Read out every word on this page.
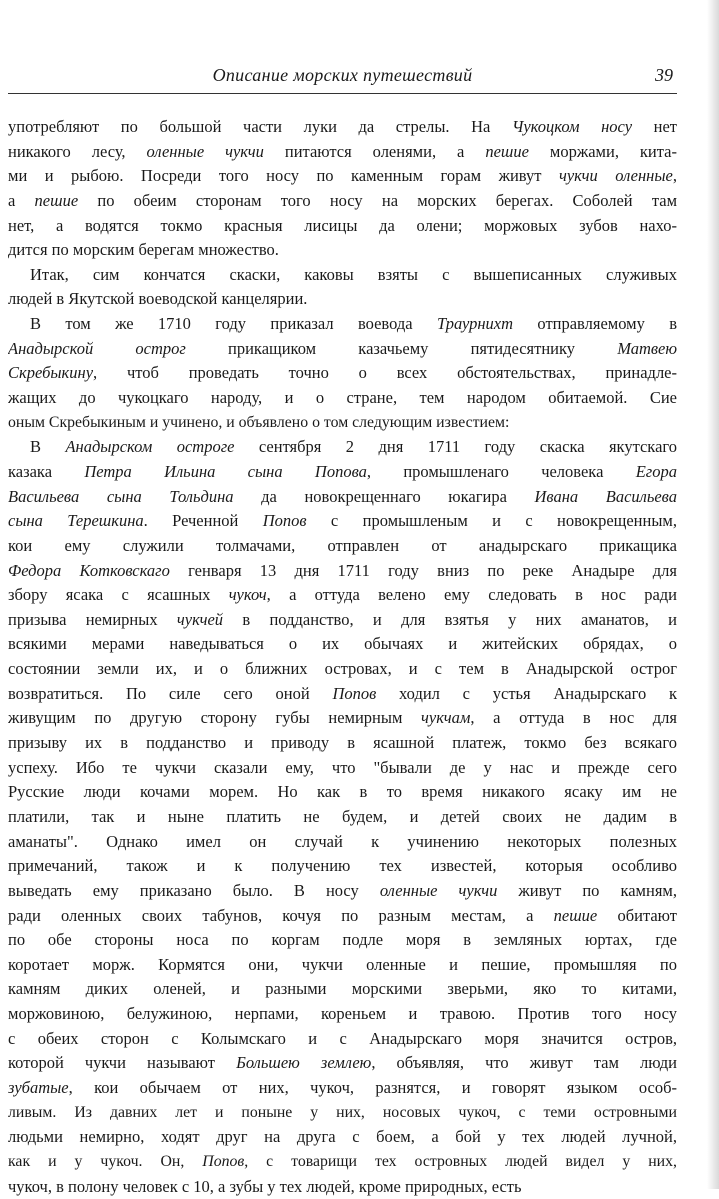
Описание морских путешествий	39
употребляют по большой части луки да стрелы. На Чукоцком носу нет
никакого лесу, оленные чукчи питаются оленями, а пешие моржами, кита-
ми и рыбою. Посреди того носу по каменным горам живут чукчи оленные,
а пешие по обеим сторонам того носу на морских берегах. Соболей там
нет, а водятся токмо красныя лисицы да олени; моржовых зубов нахо-
дится по морским берегам множество.
Итак, сим кончатся скаски, каковы взяты с вышеписанных служивых
людей в Якутской воеводской канцелярии.
В том же 1710 году приказал воевода Траурнихт отправляемому в
Анадырской острог прикащиком казачьему пятидесятнику Матвею
Скребыкину, чтоб проведать точно о всех обстоятельствах, принадле-
жащих до чукоцкаго народу, и о стране, тем народом обитаемой. Сие
оным Скребыкиным и учинено, и объявлено о том следующим известием:
В Анадырском остроге сентября 2 дня 1711 году скаска якутскаго
казака Петра Ильина сына Попова, промышленаго человека Егора
Васильева сына Тольдина да новокрещеннаго юкагира Ивана Васильева
сына Терешкина. Реченной Попов с промышленым и с новокрещенным,
кои ему служили толмачами, отправлен от анадырскаго прикащика
Федора Котковскаго генваря 13 дня 1711 году вниз по реке Анадыре для
збору ясака с ясашных чукоч, а оттуда велено ему следовать в нос ради
призыва немирных чукчей в подданство, и для взятья у них аманатов, и
всякими мерами наведываться о их обычаях и житейских обрядах, о
состоянии земли их, и о ближних островах, и с тем в Анадырской острог
возвратиться. По силе сего оной Попов ходил с устья Анадырскаго к
живущим по другую сторону губы немирным чукчам, а оттуда в нос для
призыву их в подданство и приводу в ясашной платеж, токмо без всякаго
успеху. Ибо те чукчи сказали ему, что "бывали де у нас и прежде сего
Русские люди кочами морем. Но как в то время никакого ясаку им не
платили, так и ныне платить не будем, и детей своих не дадим в
аманаты". Однако имел он случай к учинению некоторых полезных
примечаний, також и к получению тех известей, которыя особливо
выведать ему приказано было. В носу оленные чукчи живут по камням,
ради оленных своих табунов, кочуя по разным местам, а пешие обитают
по обе стороны носа по коргам подле моря в земляных юртах, где
коротает морж. Кормятся они, чукчи оленные и пешие, промышляя по
камням диких оленей, и разными морскими зверьми, яко то китами,
моржовиною, белужиною, нерпами, кореньем и травою. Против того носу
с обеих сторон с Колымскаго и с Анадырскаго моря значится остров,
которой чукчи называют Большею землею, объявляя, что живут там люди
зубатые, кои обычаем от них, чукоч, разнятся, и говорят языком особ-
ливым. Из давних лет и поныне у них, носовых чукоч, с теми островными
людьми немирно, ходят друг на друга с боем, а бой у тех людей лучной,
как и у чукоч. Он, Попов, с товарищи тех островных людей видел у них,
чукоч, в полону человек с 10, а зубы у тех людей, кроме природных, есть
